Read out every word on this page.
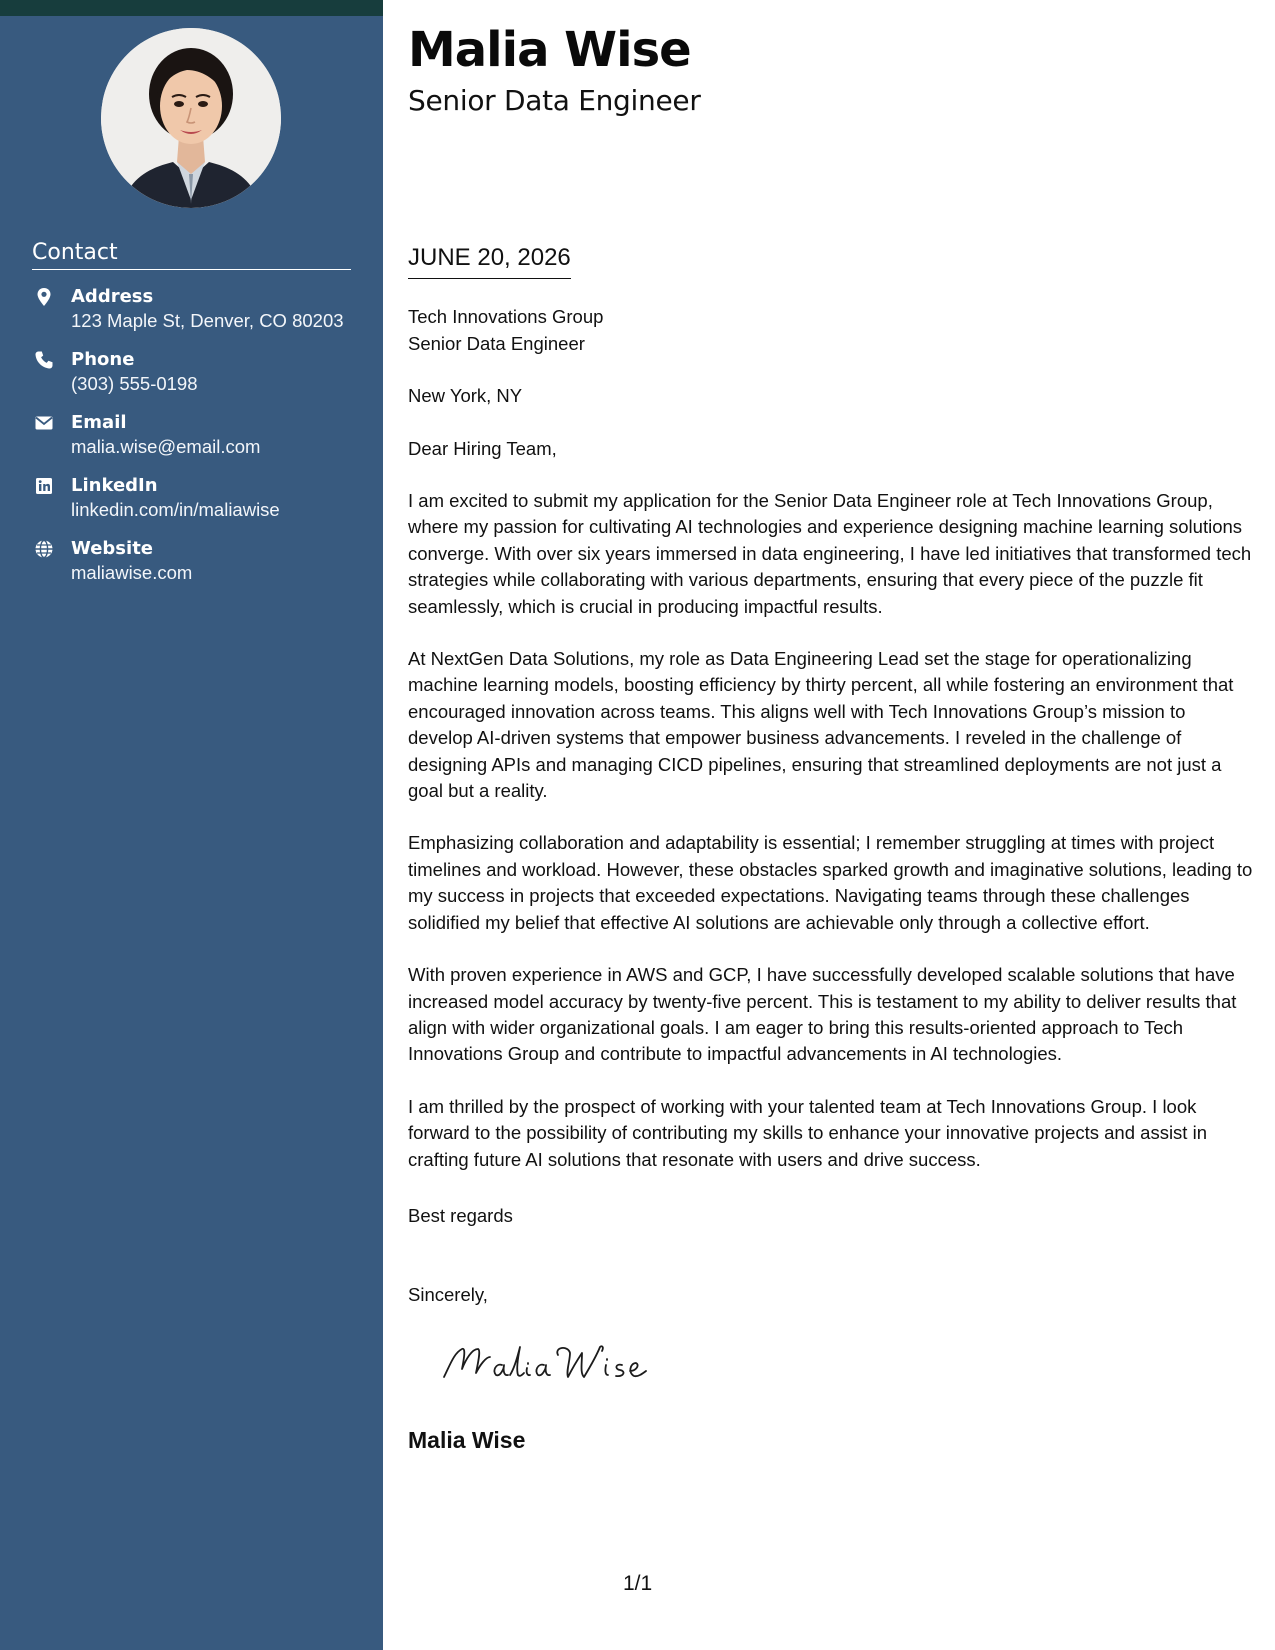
Contact
Address
123 Maple St, Denver, CO 80203
Phone
(303) 555-0198
Email
malia.wise@email.com
LinkedIn
linkedin.com/in/maliawise
Website
maliawise.com
Malia Wise
Senior Data Engineer
JUNE 20, 2026
Tech Innovations Group
Senior Data Engineer
New York, NY
Dear Hiring Team,

I am excited to submit my application for the Senior Data Engineer role at Tech Innovations Group, where my passion for cultivating AI technologies and experience designing machine learning solutions converge. With over six years immersed in data engineering, I have led initiatives that transformed tech strategies while collaborating with various departments, ensuring that every piece of the puzzle fit seamlessly, which is crucial in producing impactful results.

At NextGen Data Solutions, my role as Data Engineering Lead set the stage for operationalizing machine learning models, boosting efficiency by thirty percent, all while fostering an environment that encouraged innovation across teams. This aligns well with Tech Innovations Group’s mission to develop AI-driven systems that empower business advancements. I reveled in the challenge of designing APIs and managing CICD pipelines, ensuring that streamlined deployments are not just a goal but a reality.

Emphasizing collaboration and adaptability is essential; I remember struggling at times with project timelines and workload. However, these obstacles sparked growth and imaginative solutions, leading to my success in projects that exceeded expectations. Navigating teams through these challenges solidified my belief that effective AI solutions are achievable only through a collective effort.

With proven experience in AWS and GCP, I have successfully developed scalable solutions that have increased model accuracy by twenty-five percent. This is testament to my ability to deliver results that align with wider organizational goals. I am eager to bring this results-oriented approach to Tech Innovations Group and contribute to impactful advancements in AI technologies.

I am thrilled by the prospect of working with your talented team at Tech Innovations Group. I look forward to the possibility of contributing my skills to enhance your innovative projects and assist in crafting future AI solutions that resonate with users and drive success.

Best regards
Sincerely,
Malia Wise
1/1
